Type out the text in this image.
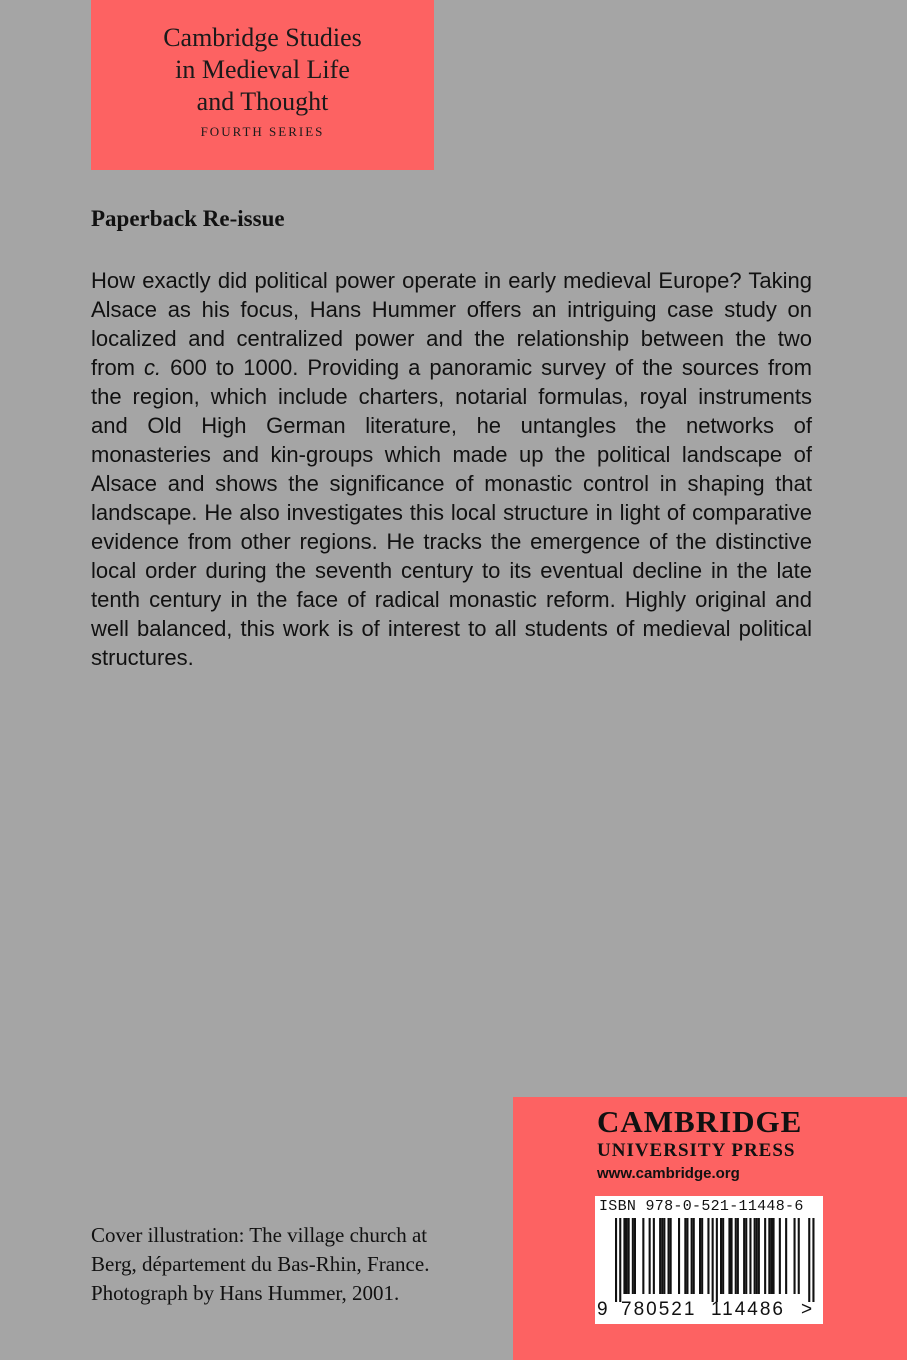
Cambridge Studies
in Medieval Life
and Thought
FOURTH SERIES
Paperback Re-issue

How exactly did political power operate in early medieval Europe? Taking Alsace as his focus, Hans Hummer offers an intriguing case study on localized and centralized power and the relationship between the two from c. 600 to 1000. Providing a panoramic survey of the sources from the region, which include charters, notarial formulas, royal instruments and Old High German literature, he untangles the networks of monasteries and kin-groups which made up the political landscape of Alsace and shows the significance of monastic control in shaping that landscape. He also investigates this local structure in light of comparative evidence from other regions. He tracks the emergence of the distinctive local order during the seventh century to its eventual decline in the late tenth century in the face of radical monastic reform. Highly original and well balanced, this work is of interest to all students of medieval political structures.

Cover illustration: The village church at
Berg, département du Bas-Rhin, France.
Photograph by Hans Hummer, 2001.
CAMBRIDGE
UNIVERSITY PRESS
www.cambridge.org
ISBN 978-0-521-11448-6
9 780521 114486 >
